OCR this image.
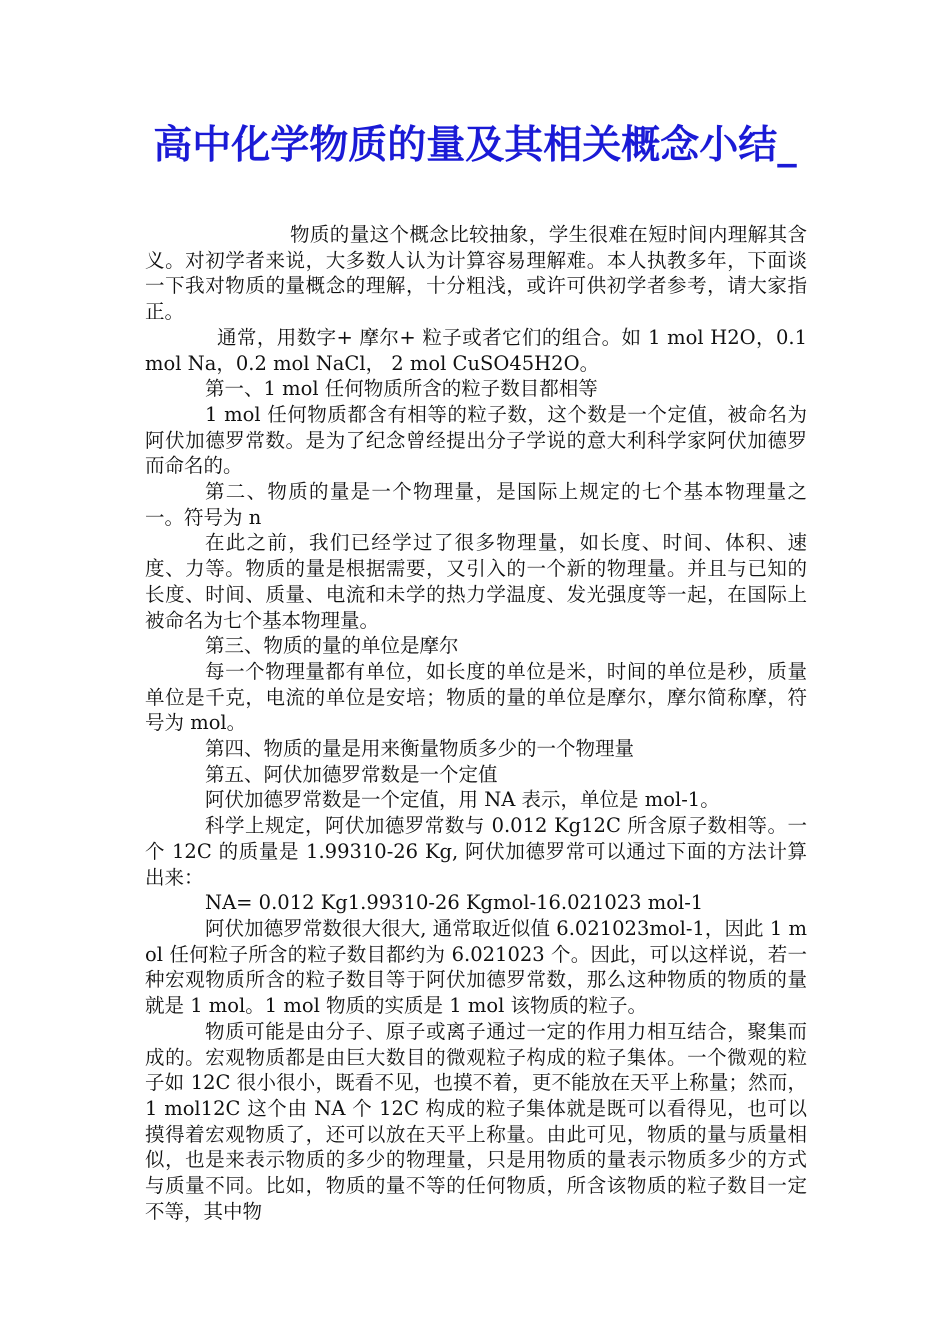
高中化学物质的量及其相关概念小结_

物质的量这个概念比较抽象，学生很难在短时间内理解其含义。对初学者来说，大多数人认为计算容易理解难。本人执教多年，下面谈一下我对物质的量概念的理解，十分粗浅，或许可供初学者参考，请大家指正。

通常，用数字+ 摩尔+ 粒子或者它们的组合。如 1 mol H2O，0.1 mol Na，0.2 mol NaCl， 2 mol CuSO45H2O。

第一、1 mol 任何物质所含的粒子数目都相等

1 mol 任何物质都含有相等的粒子数，这个数是一个定值，被命名为阿伏加德罗常数。是为了纪念曾经提出分子学说的意大利科学家阿伏加德罗而命名的。

第二、物质的量是一个物理量，是国际上规定的七个基本物理量之一。符号为 n

在此之前，我们已经学过了很多物理量，如长度、时间、体积、速度、力等。物质的量是根据需要，又引入的一个新的物理量。并且与已知的长度、时间、质量、电流和未学的热力学温度、发光强度等一起，在国际上被命名为七个基本物理量。

第三、物质的量的单位是摩尔

每一个物理量都有单位，如长度的单位是米，时间的单位是秒，质量单位是千克，电流的单位是安培；物质的量的单位是摩尔，摩尔简称摩，符号为 mol。

第四、物质的量是用来衡量物质多少的一个物理量

第五、阿伏加德罗常数是一个定值

阿伏加德罗常数是一个定值，用 NA 表示，单位是 mol-1。

科学上规定，阿伏加德罗常数与 0.012 Kg12C 所含原子数相等。一个 12C 的质量是 1.99310-26 Kg, 阿伏加德罗常可以通过下面的方法计算出来：

NA= 0.012 Kg1.99310-26 Kgmol-16.021023 mol-1

阿伏加德罗常数很大很大, 通常取近似值 6.021023mol-1，因此 1 mol 任何粒子所含的粒子数目都约为 6.021023 个。因此，可以这样说，若一种宏观物质所含的粒子数目等于阿伏加德罗常数，那么这种物质的物质的量就是 1 mol。1 mol 物质的实质是 1 mol 该物质的粒子。

物质可能是由分子、原子或离子通过一定的作用力相互结合，聚集而成的。宏观物质都是由巨大数目的微观粒子构成的粒子集体。一个微观的粒子如 12C 很小很小，既看不见，也摸不着，更不能放在天平上称量；然而，1 mol12C 这个由 NA 个 12C 构成的粒子集体就是既可以看得见，也可以摸得着宏观物质了，还可以放在天平上称量。由此可见，物质的量与质量相似，也是来表示物质的多少的物理量，只是用物质的量表示物质多少的方式与质量不同。比如，物质的量不等的任何物质，所含该物质的粒子数目一定不等，其中物
